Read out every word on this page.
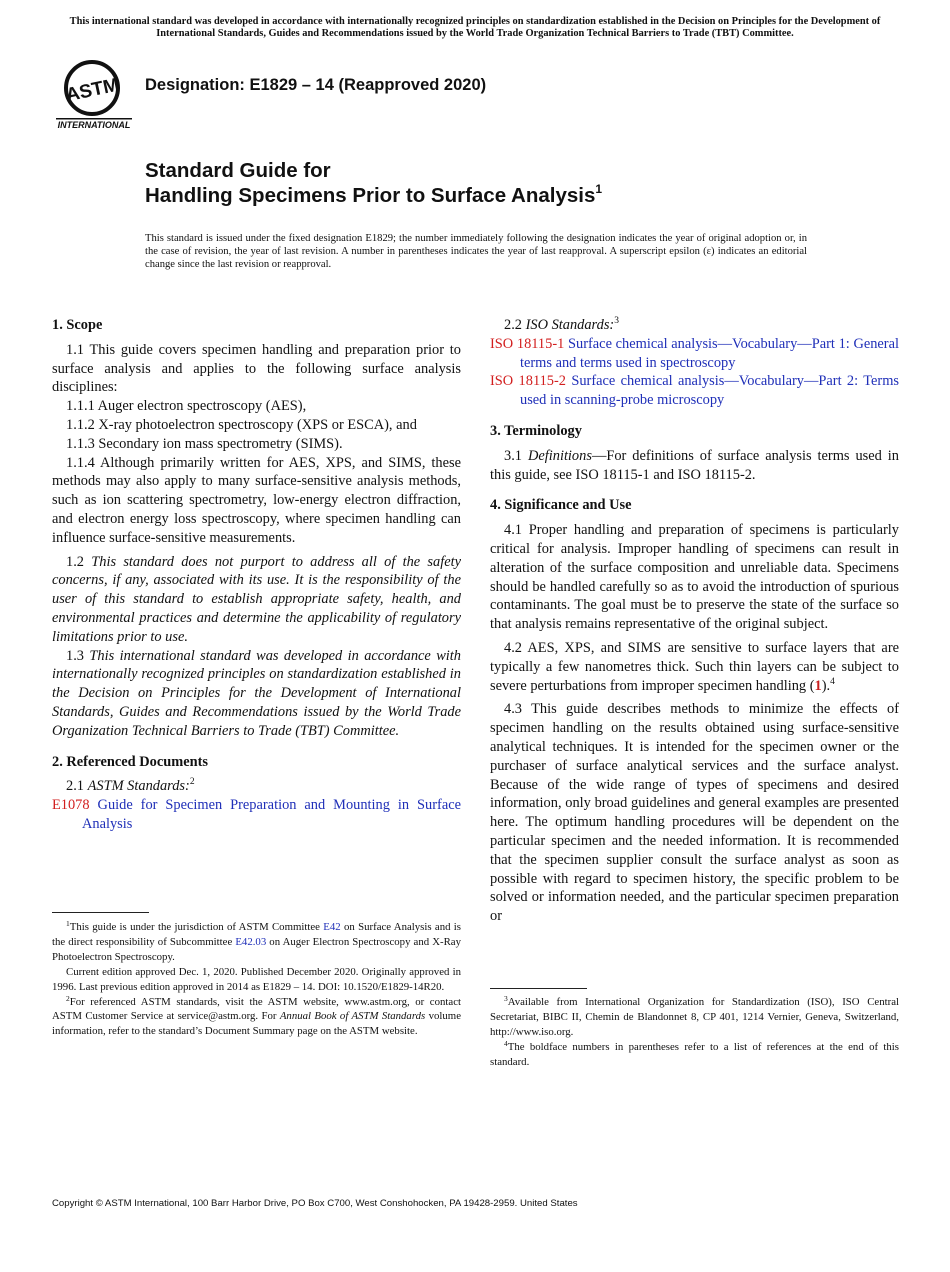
This international standard was developed in accordance with internationally recognized principles on standardization established in the Decision on Principles for the Development of International Standards, Guides and Recommendations issued by the World Trade Organization Technical Barriers to Trade (TBT) Committee.
ASTM
INTERNATIONAL
Designation: E1829 – 14 (Reapproved 2020)
Standard Guide for
Handling Specimens Prior to Surface Analysis$^1$
This standard is issued under the fixed designation E1829; the number immediately following the designation indicates the year of original adoption or, in the case of revision, the year of last revision. A number in parentheses indicates the year of last reapproval. A superscript epsilon (ε) indicates an editorial change since the last revision or reapproval.

1. Scope

1.1 This guide covers specimen handling and preparation prior to surface analysis and applies to the following surface analysis disciplines:

1.1.1 Auger electron spectroscopy (AES),

1.1.2 X-ray photoelectron spectroscopy (XPS or ESCA), and

1.1.3 Secondary ion mass spectrometry (SIMS).

1.1.4 Although primarily written for AES, XPS, and SIMS, these methods may also apply to many surface-sensitive analysis methods, such as ion scattering spectrometry, low-energy electron diffraction, and electron energy loss spectroscopy, where specimen handling can influence surface-sensitive measurements.

1.2 This standard does not purport to address all of the safety concerns, if any, associated with its use. It is the responsibility of the user of this standard to establish appropriate safety, health, and environmental practices and determine the applicability of regulatory limitations prior to use.

1.3 This international standard was developed in accordance with internationally recognized principles on standardization established in the Decision on Principles for the Development of International Standards, Guides and Recommendations issued by the World Trade Organization Technical Barriers to Trade (TBT) Committee.

2. Referenced Documents

2.1 ASTM Standards:$^2$

E1078 Guide for Specimen Preparation and Mounting in Surface Analysis

$^1$This guide is under the jurisdiction of ASTM Committee E42 on Surface Analysis and is the direct responsibility of Subcommittee E42.03 on Auger Electron Spectroscopy and X-Ray Photoelectron Spectroscopy.

Current edition approved Dec. 1, 2020. Published December 2020. Originally approved in 1996. Last previous edition approved in 2014 as E1829 – 14. DOI: 10.1520/E1829-14R20.

$^2$For referenced ASTM standards, visit the ASTM website, www.astm.org, or contact ASTM Customer Service at service@astm.org. For Annual Book of ASTM Standards volume information, refer to the standard’s Document Summary page on the ASTM website.

2.2 ISO Standards:$^3$

ISO 18115-1 Surface chemical analysis—Vocabulary—Part 1: General terms and terms used in spectroscopy

ISO 18115-2 Surface chemical analysis—Vocabulary—Part 2: Terms used in scanning-probe microscopy

3. Terminology

3.1 Definitions—For definitions of surface analysis terms used in this guide, see ISO 18115-1 and ISO 18115-2.

4. Significance and Use

4.1 Proper handling and preparation of specimens is particularly critical for analysis. Improper handling of specimens can result in alteration of the surface composition and unreliable data. Specimens should be handled carefully so as to avoid the introduction of spurious contaminants. The goal must be to preserve the state of the surface so that analysis remains representative of the original subject.

4.2 AES, XPS, and SIMS are sensitive to surface layers that are typically a few nanometres thick. Such thin layers can be subject to severe perturbations from improper specimen handling (1).$^4$

4.3 This guide describes methods to minimize the effects of specimen handling on the results obtained using surface-sensitive analytical techniques. It is intended for the specimen owner or the purchaser of surface analytical services and the surface analyst. Because of the wide range of types of specimens and desired information, only broad guidelines and general examples are presented here. The optimum handling procedures will be dependent on the particular specimen and the needed information. It is recommended that the specimen supplier consult the surface analyst as soon as possible with regard to specimen history, the specific problem to be solved or information needed, and the particular specimen preparation or

$^3$Available from International Organization for Standardization (ISO), ISO Central Secretariat, BIBC II, Chemin de Blandonnet 8, CP 401, 1214 Vernier, Geneva, Switzerland, http://www.iso.org.

$^4$The boldface numbers in parentheses refer to a list of references at the end of this standard.

Copyright © ASTM International, 100 Barr Harbor Drive, PO Box C700, West Conshohocken, PA 19428-2959. United States
